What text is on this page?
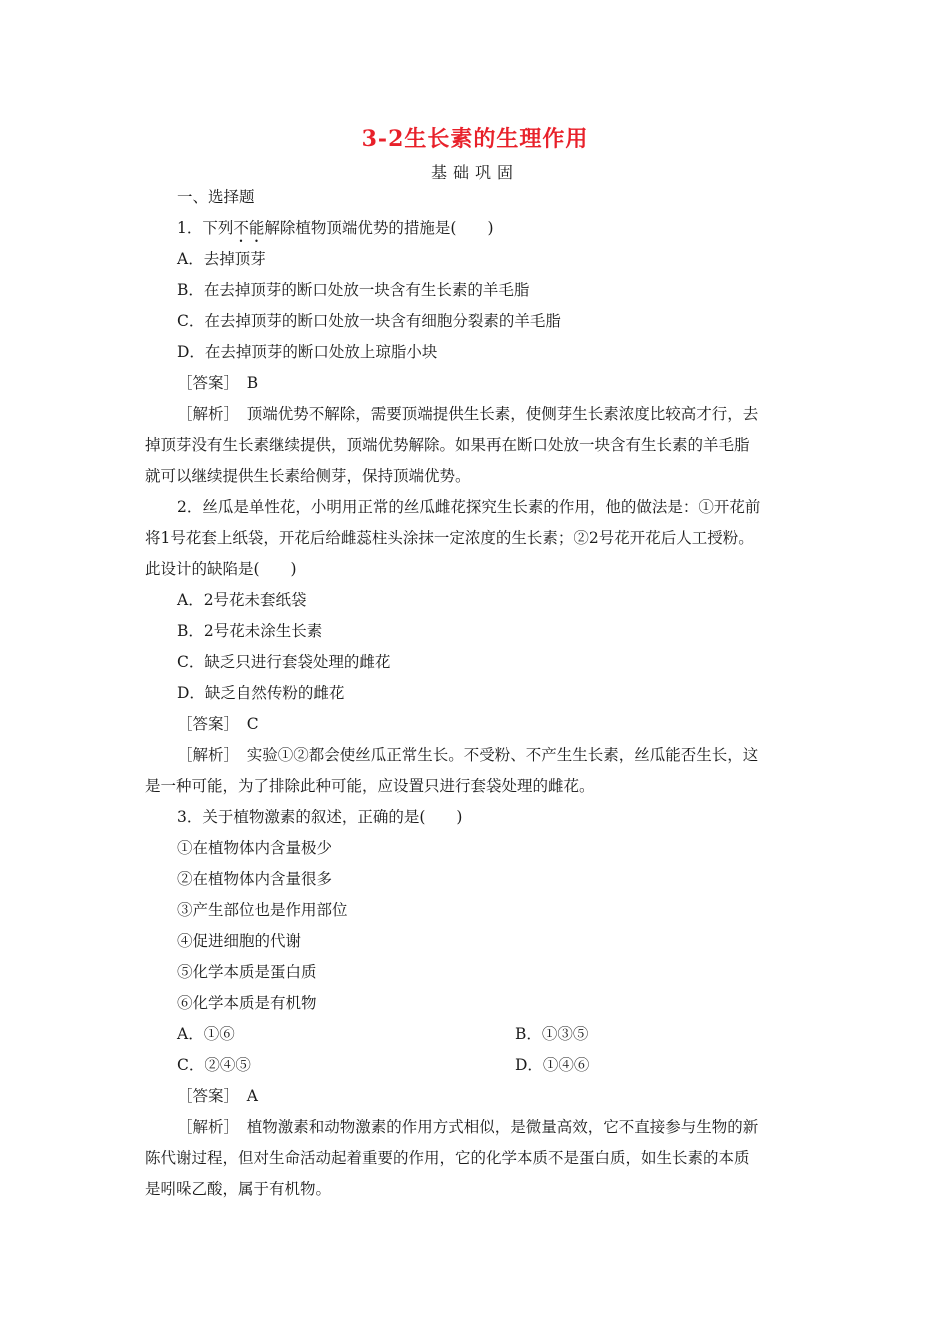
3-2生长素的生理作用
基础巩固
一、选择题
1．下列不能解除植物顶端优势的措施是(　　)
A．去掉顶芽
B．在去掉顶芽的断口处放一块含有生长素的羊毛脂
C．在去掉顶芽的断口处放一块含有细胞分裂素的羊毛脂
D．在去掉顶芽的断口处放上琼脂小块
［答案］　B
［解析］　顶端优势不解除，需要顶端提供生长素，使侧芽生长素浓度比较高才行，去
掉顶芽没有生长素继续提供，顶端优势解除。如果再在断口处放一块含有生长素的羊毛脂
就可以继续提供生长素给侧芽，保持顶端优势。
2．丝瓜是单性花，小明用正常的丝瓜雌花探究生长素的作用，他的做法是：①开花前
将1号花套上纸袋，开花后给雌蕊柱头涂抹一定浓度的生长素；②2号花开花后人工授粉。
此设计的缺陷是(　　)
A．2号花未套纸袋
B．2号花未涂生长素
C．缺乏只进行套袋处理的雌花
D．缺乏自然传粉的雌花
［答案］　C
［解析］　实验①②都会使丝瓜正常生长。不受粉、不产生生长素，丝瓜能否生长，这
是一种可能，为了排除此种可能，应设置只进行套袋处理的雌花。
3．关于植物激素的叙述，正确的是(　　)
①在植物体内含量极少
②在植物体内含量很多
③产生部位也是作用部位
④促进细胞的代谢
⑤化学本质是蛋白质
⑥化学本质是有机物
A．①⑥	B．①③⑤
C．②④⑤	D．①④⑥
［答案］　A
［解析］　植物激素和动物激素的作用方式相似，是微量高效，它不直接参与生物的新
陈代谢过程，但对生命活动起着重要的作用，它的化学本质不是蛋白质，如生长素的本质
是吲哚乙酸，属于有机物。
